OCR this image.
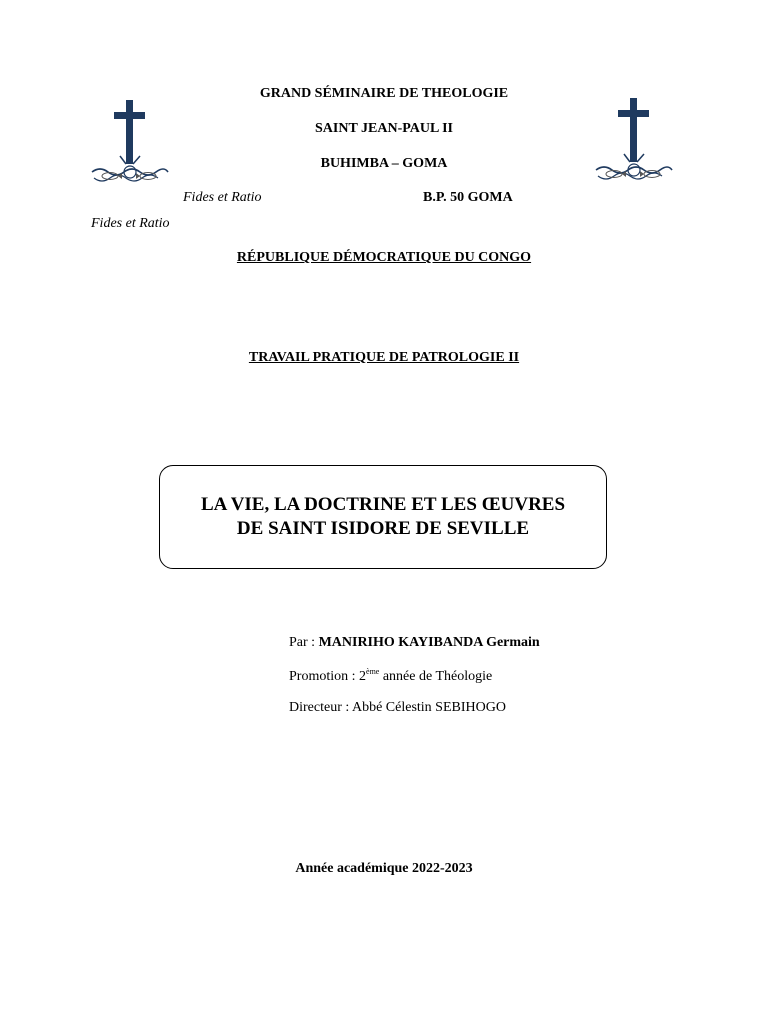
GRAND SÉMINAIRE DE THEOLOGIE
SAINT JEAN-PAUL II
BUHIMBA – GOMA
Fides et Ratio	B.P. 50 GOMA
Fides et Ratio
RÉPUBLIQUE DÉMOCRATIQUE DU CONGO
TRAVAIL PRATIQUE DE PATROLOGIE II
LA VIE, LA DOCTRINE ET LES ŒUVRES
DE SAINT ISIDORE DE SEVILLE
Par : MANIRIHO KAYIBANDA Germain
Promotion : 2ème année de Théologie
Directeur : Abbé Célestin SEBIHOGO
Année académique 2022-2023
